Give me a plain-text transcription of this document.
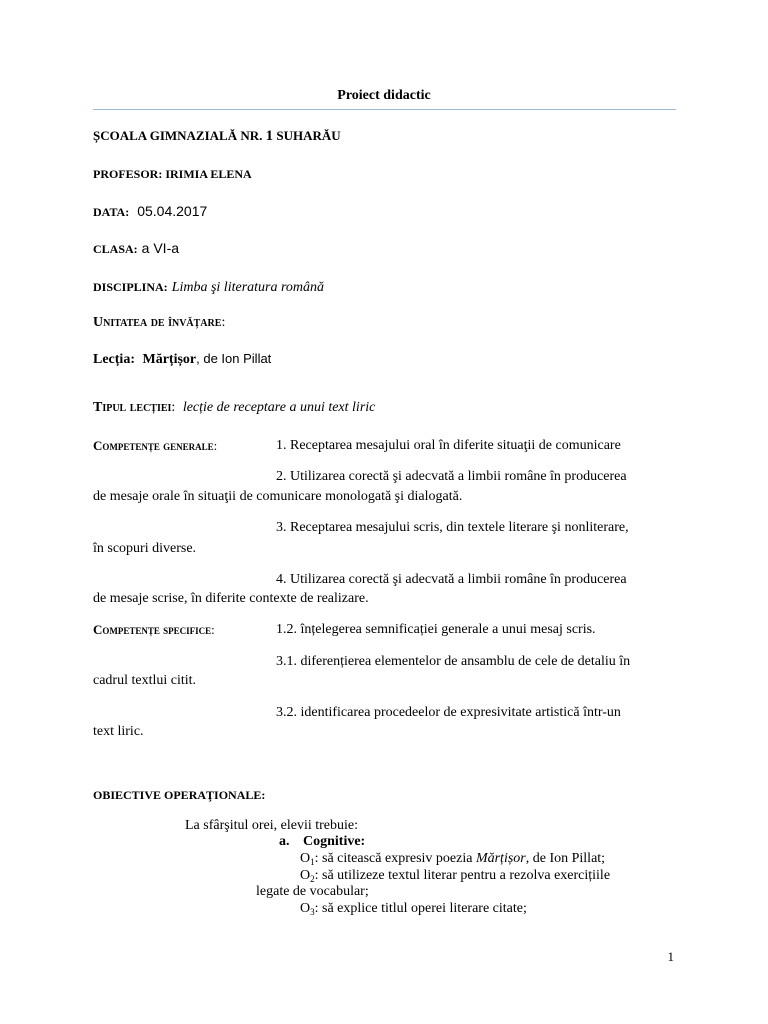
Proiect didactic
ȘCOALA GIMNAZIALĂ NR. 1 SUHARĂU
PROFESOR: IRIMIA ELENA
DATA: 05.04.2017
CLASA: a VI-a
DISCIPLINA: Limba şi literatura română
Unitatea de învățare:
Lecția: Mărțișor, de Ion Pillat
Tipul lecției: lecție de receptare a unui text liric
Competențe generale:	1. Receptarea mesajului oral în diferite situaţii de comunicare
2. Utilizarea corectă şi adecvată a limbii române în producerea
de mesaje orale în situaţii de comunicare monologată şi dialogată.
3. Receptarea mesajului scris, din textele literare şi nonliterare,
în scopuri diverse.
4. Utilizarea corectă şi adecvată a limbii române în producerea
de mesaje scrise, în diferite contexte de realizare.
Competențe specifice:	1.2. înțelegerea semnificației generale a unui mesaj scris.
3.1. diferențierea elementelor de ansamblu de cele de detaliu în
cadrul textlui citit.
3.2. identificarea procedeelor de expresivitate artistică într-un
text liric.
OBIECTIVE OPERAŢIONALE:
La sfârşitul orei, elevii trebuie:
a. Cognitive:
$O_1$: să citească expresiv poezia Mărțișor, de Ion Pillat;
$O_2$: să utilizeze textul literar pentru a rezolva exercițiile
legate de vocabular;
$O_3$: să explice titlul operei literare citate;
1
